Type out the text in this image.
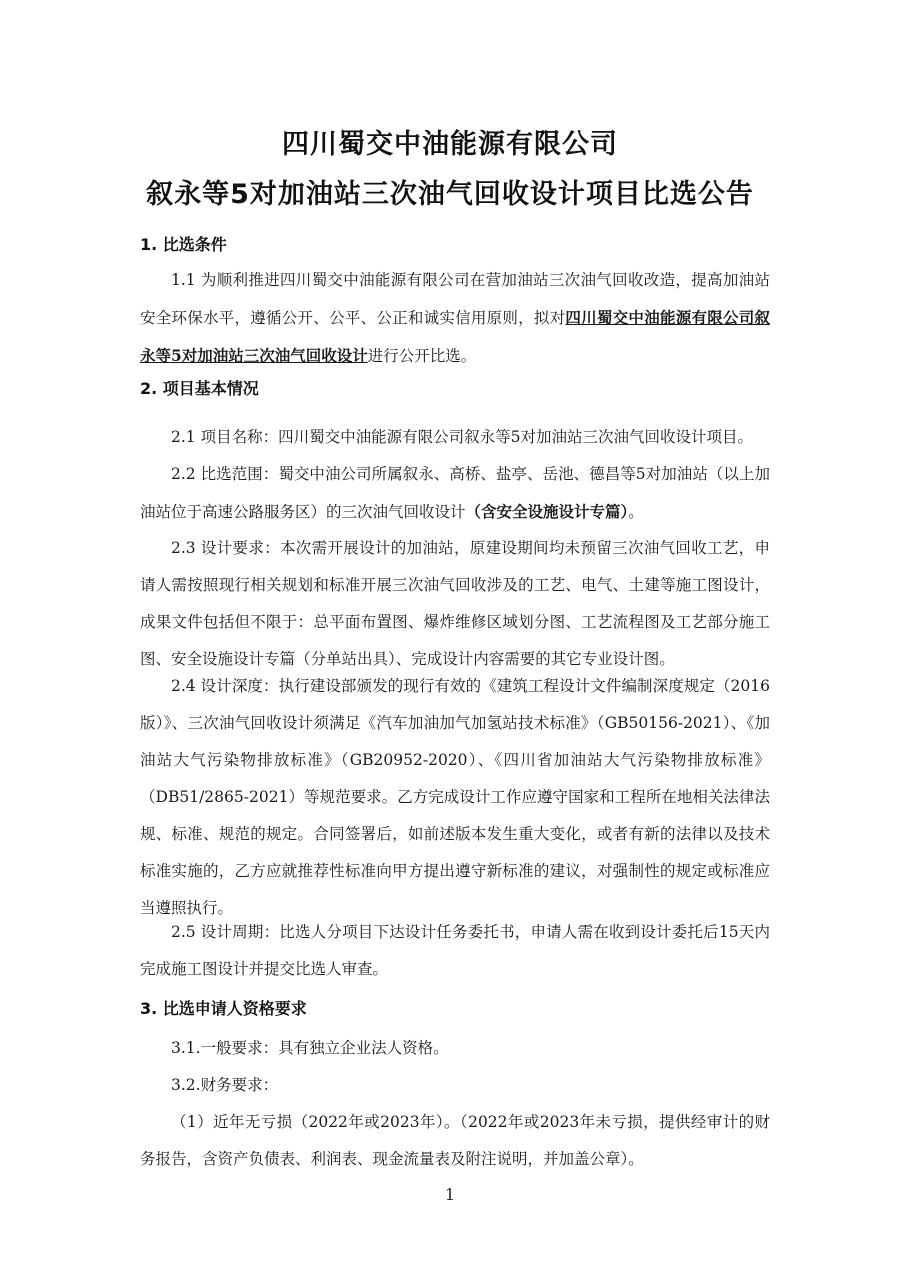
四川蜀交中油能源有限公司
叙永等5对加油站三次油气回收设计项目比选公告
1. 比选条件
1.1 为顺利推进四川蜀交中油能源有限公司在营加油站三次油气回收改造，提高加油站安全环保水平，遵循公开、公平、公正和诚实信用原则，拟对四川蜀交中油能源有限公司叙永等5对加油站三次油气回收设计进行公开比选。
2. 项目基本情况
2.1 项目名称：四川蜀交中油能源有限公司叙永等5对加油站三次油气回收设计项目。
2.2 比选范围：蜀交中油公司所属叙永、高桥、盐亭、岳池、德昌等5对加油站（以上加油站位于高速公路服务区）的三次油气回收设计（含安全设施设计专篇）。
2.3 设计要求：本次需开展设计的加油站，原建设期间均未预留三次油气回收工艺，申请人需按照现行相关规划和标准开展三次油气回收涉及的工艺、电气、土建等施工图设计，成果文件包括但不限于：总平面布置图、爆炸维修区域划分图、工艺流程图及工艺部分施工图、安全设施设计专篇（分单站出具）、完成设计内容需要的其它专业设计图。
2.4 设计深度：执行建设部颁发的现行有效的《建筑工程设计文件编制深度规定（2016版）》、三次油气回收设计须满足《汽车加油加气加氢站技术标准》（GB50156-2021）、《加油站大气污染物排放标准》（GB20952-2020）、《四川省加油站大气污染物排放标准》（DB51/2865-2021）等规范要求。乙方完成设计工作应遵守国家和工程所在地相关法律法规、标准、规范的规定。合同签署后，如前述版本发生重大变化，或者有新的法律以及技术标准实施的，乙方应就推荐性标准向甲方提出遵守新标准的建议，对强制性的规定或标准应当遵照执行。
2.5 设计周期：比选人分项目下达设计任务委托书，申请人需在收到设计委托后15天内完成施工图设计并提交比选人审查。
3. 比选申请人资格要求
3.1.一般要求：具有独立企业法人资格。
3.2.财务要求：
（1）近年无亏损（2022年或2023年）。（2022年或2023年未亏损，提供经审计的财务报告，含资产负债表、利润表、现金流量表及附注说明，并加盖公章）。
1
